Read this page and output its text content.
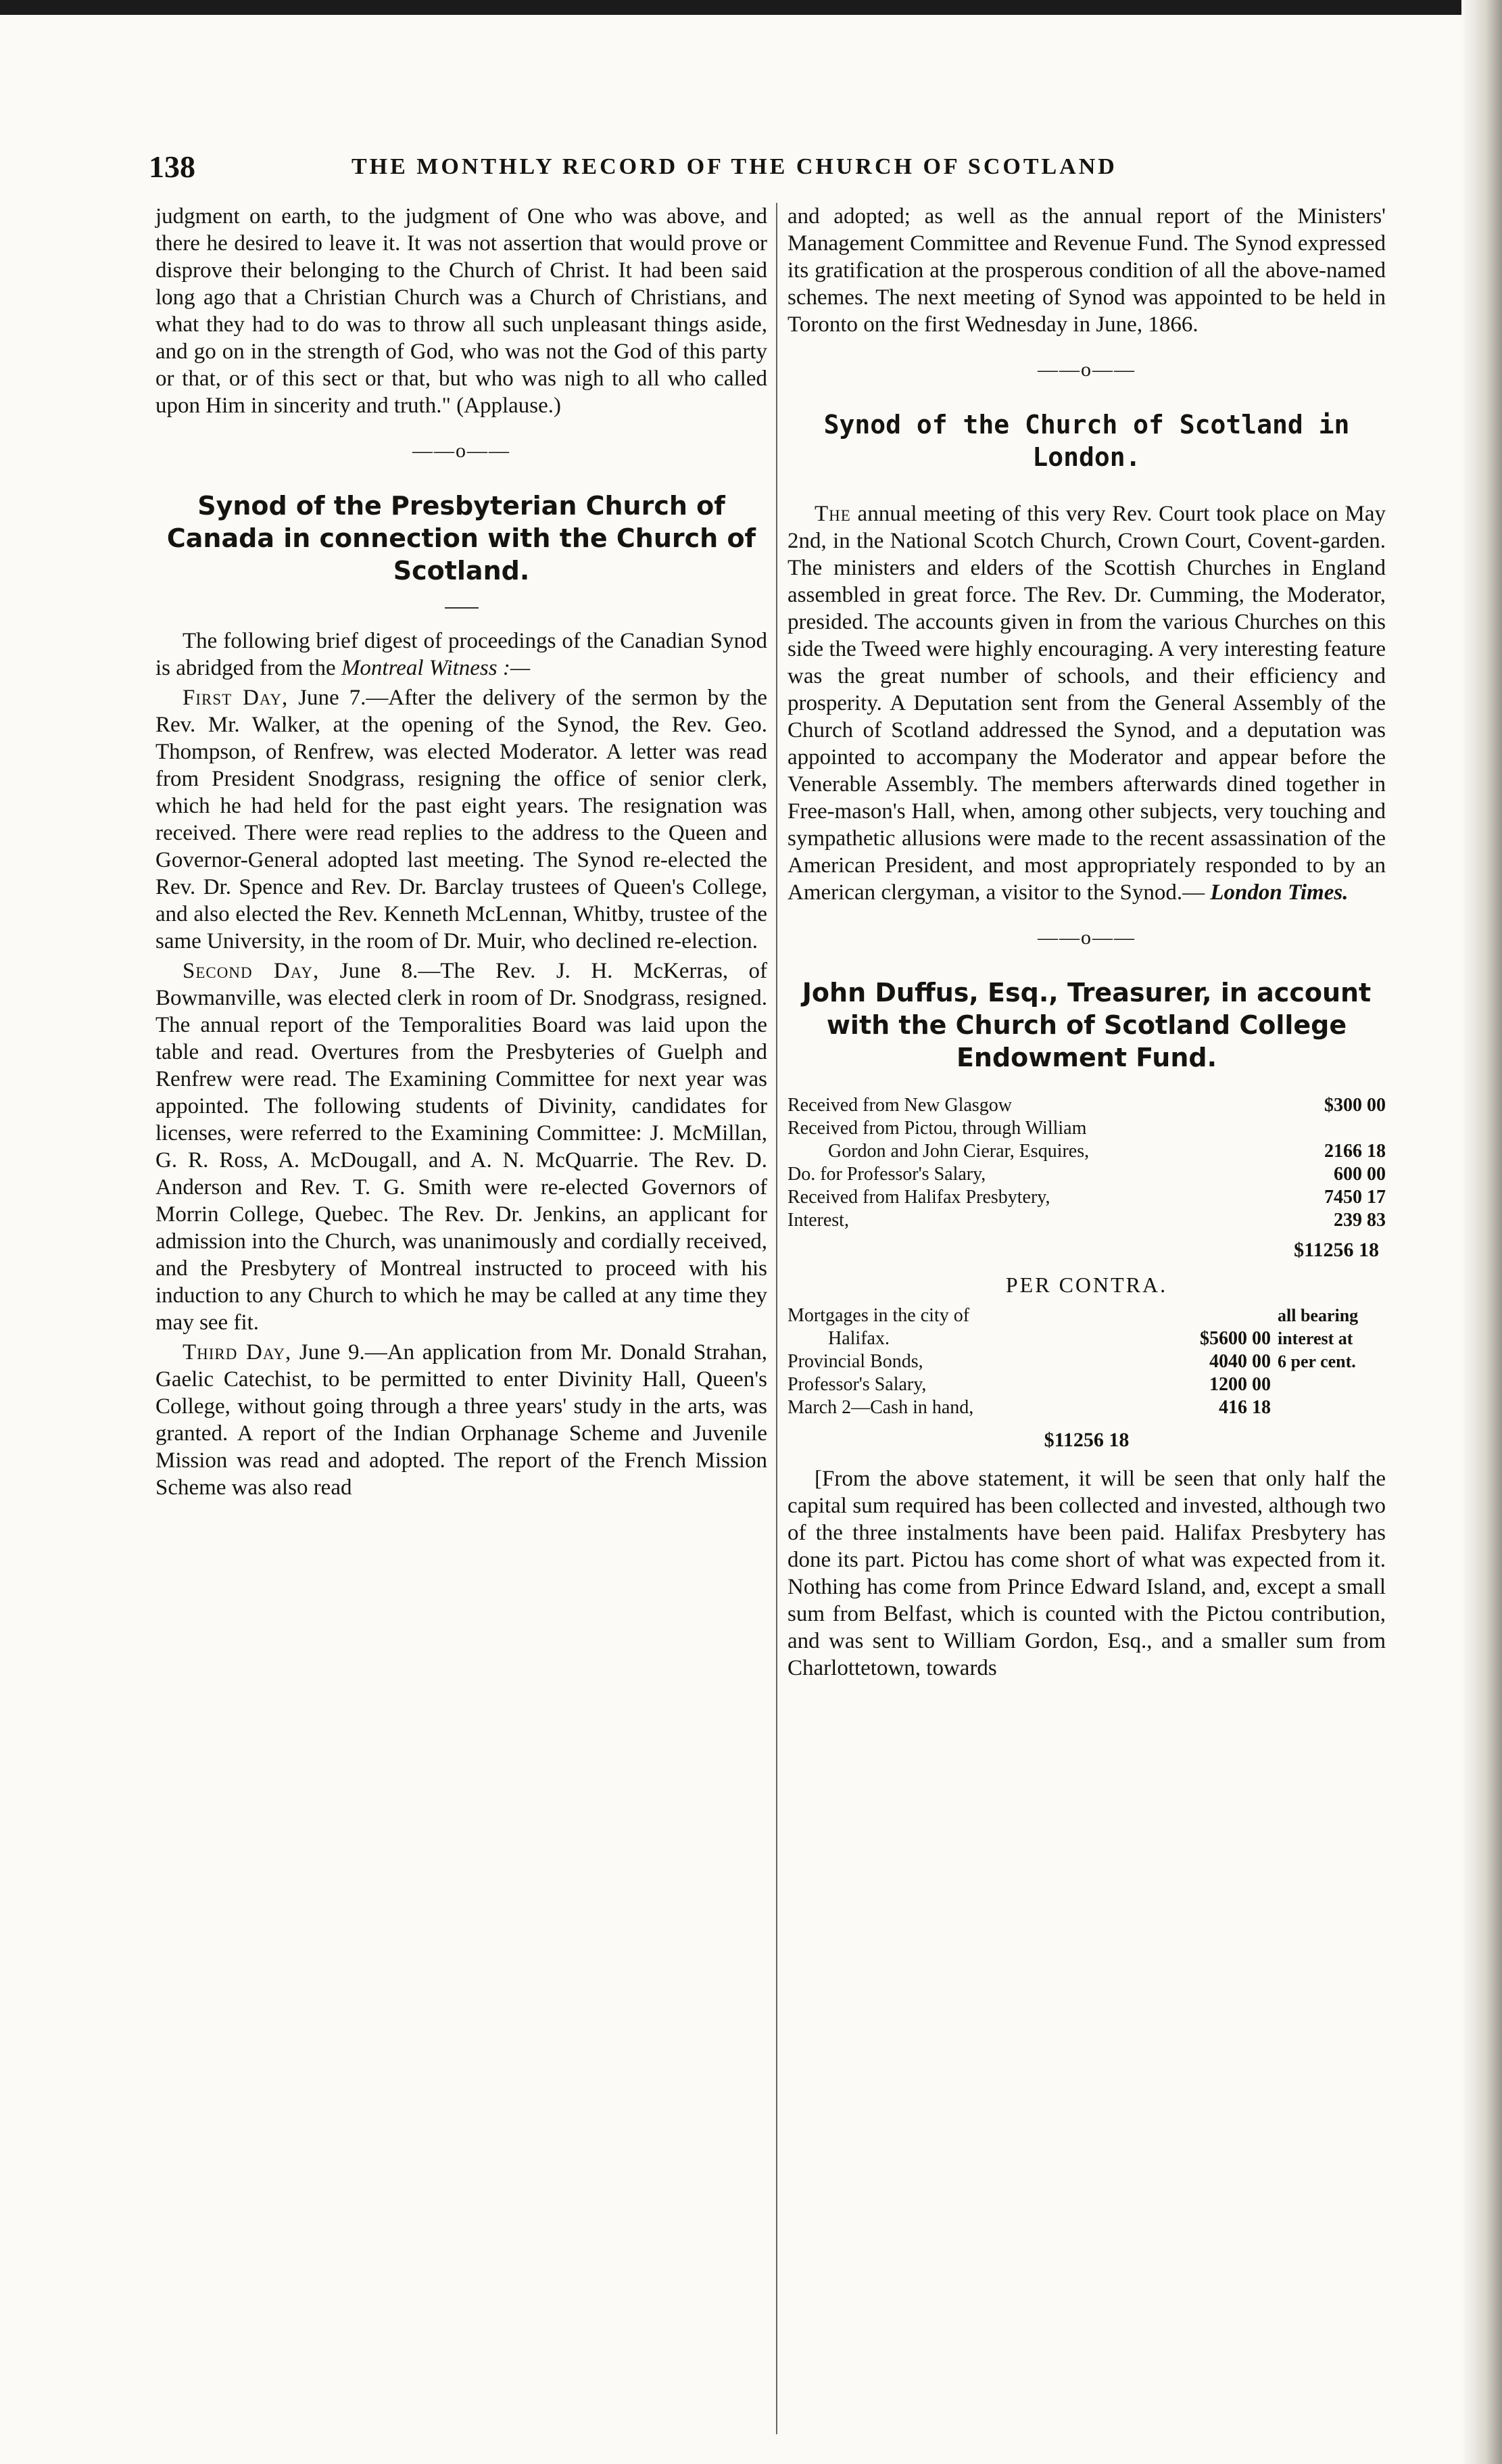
138	THE MONTHLY RECORD OF THE CHURCH OF SCOTLAND

judgment on earth, to the judgment of One who was above, and there he desired to leave it. It was not assertion that would prove or disprove their belonging to the Church of Christ. It had been said long ago that a Christian Church was a Church of Christians, and what they had to do was to throw all such unpleasant things aside, and go on in the strength of God, who was not the God of this party or that, or of this sect or that, but who was nigh to all who called upon Him in sincerity and truth." (Applause.)

——o——
Synod of the Presbyterian Church of Canada in connection with the Church of Scotland.

The following brief digest of proceedings of the Canadian Synod is abridged from the Montreal Witness :—

First Day, June 7.—After the delivery of the sermon by the Rev. Mr. Walker, at the opening of the Synod, the Rev. Geo. Thompson, of Renfrew, was elected Moderator. A letter was read from President Snodgrass, resigning the office of senior clerk, which he had held for the past eight years. The resignation was received. There were read replies to the address to the Queen and Governor-General adopted last meeting. The Synod re-elected the Rev. Dr. Spence and Rev. Dr. Barclay trustees of Queen's College, and also elected the Rev. Kenneth McLennan, Whitby, trustee of the same University, in the room of Dr. Muir, who declined re-election.

Second Day, June 8.—The Rev. J. H. McKerras, of Bowmanville, was elected clerk in room of Dr. Snodgrass, resigned. The annual report of the Temporalities Board was laid upon the table and read. Overtures from the Presbyteries of Guelph and Renfrew were read. The Examining Committee for next year was appointed. The following students of Divinity, candidates for licenses, were referred to the Examining Committee: J. McMillan, G. R. Ross, A. McDougall, and A. N. McQuarrie. The Rev. D. Anderson and Rev. T. G. Smith were re-elected Governors of Morrin College, Quebec. The Rev. Dr. Jenkins, an applicant for admission into the Church, was unanimously and cordially received, and the Presbytery of Montreal instructed to proceed with his induction to any Church to which he may be called at any time they may see fit.

Third Day, June 9.—An application from Mr. Donald Strahan, Gaelic Catechist, to be permitted to enter Divinity Hall, Queen's College, without going through a three years' study in the arts, was granted. A report of the Indian Orphanage Scheme and Juvenile Mission was read and adopted. The report of the French Mission Scheme was also read

and adopted; as well as the annual report of the Ministers' Management Committee and Revenue Fund. The Synod expressed its gratification at the prosperous condition of all the above-named schemes. The next meeting of Synod was appointed to be held in Toronto on the first Wednesday in June, 1866.

——o——
Synod of the Church of Scotland in London.

The annual meeting of this very Rev. Court took place on May 2nd, in the National Scotch Church, Crown Court, Covent-garden. The ministers and elders of the Scottish Churches in England assembled in great force. The Rev. Dr. Cumming, the Moderator, presided. The accounts given in from the various Churches on this side the Tweed were highly encouraging. A very interesting feature was the great number of schools, and their efficiency and prosperity. A Deputation sent from the General Assembly of the Church of Scotland addressed the Synod, and a deputation was appointed to accompany the Moderator and appear before the Venerable Assembly. The members afterwards dined together in Free-mason's Hall, when, among other subjects, very touching and sympathetic allusions were made to the recent assassination of the American President, and most appropriately responded to by an American clergyman, a visitor to the Synod.— London Times.

——o——
John Duffus, Esq., Treasurer, in account with the Church of Scotland College Endowment Fund.
Received from New Glasgow	$300 00
Received from Pictou, through William	
Gordon and John Cierar, Esquires,	2166 18
Do. for Professor's Salary,	600 00
Received from Halifax Presbytery,	7450 17
Interest,	239 83
$11256 18
PER CONTRA.
Mortgages in the city of		all bearing
Halifax.	$5600 00	interest at
Provincial Bonds,	4040 00	6 per cent.
Professor's Salary,	1200 00	
March 2—Cash in hand,	416 18	
$11256 18

[From the above statement, it will be seen that only half the capital sum required has been collected and invested, although two of the three instalments have been paid. Halifax Presbytery has done its part. Pictou has come short of what was expected from it. Nothing has come from Prince Edward Island, and, except a small sum from Belfast, which is counted with the Pictou contribution, and was sent to William Gordon, Esq., and a smaller sum from Charlottetown, towards
